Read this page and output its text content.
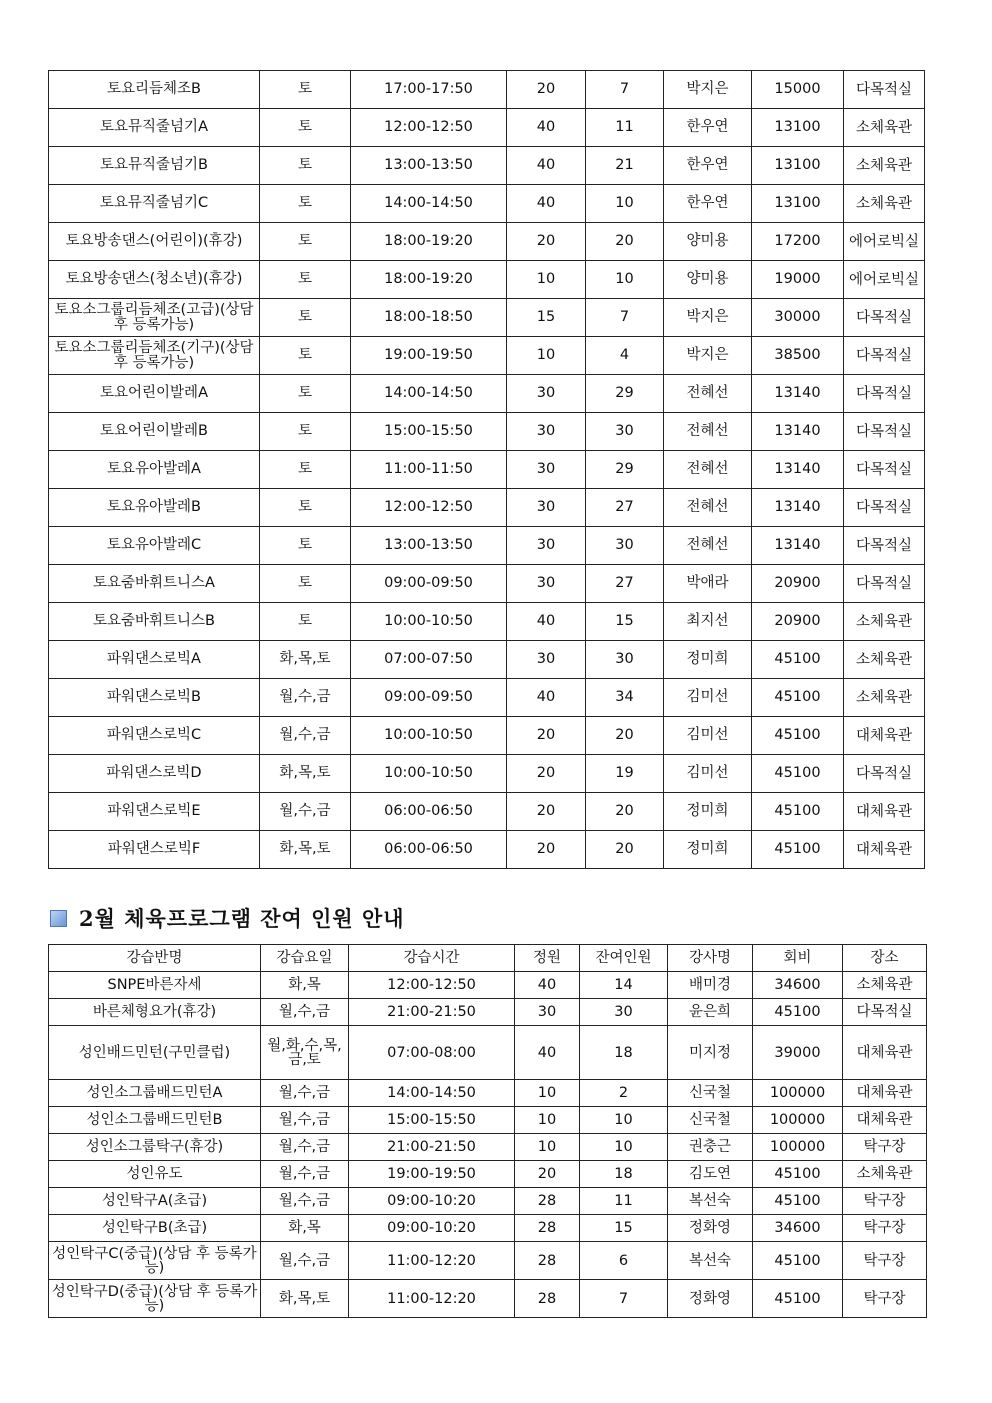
토요리듬체조B	토	17:00-17:50	20	7	박지은	15000	다목적실
토요뮤직줄넘기A	토	12:00-12:50	40	11	한우연	13100	소체육관
토요뮤직줄넘기B	토	13:00-13:50	40	21	한우연	13100	소체육관
토요뮤직줄넘기C	토	14:00-14:50	40	10	한우연	13100	소체육관
토요방송댄스(어린이)(휴강)	토	18:00-19:20	20	20	양미용	17200	에어로빅실
토요방송댄스(청소년)(휴강)	토	18:00-19:20	10	10	양미용	19000	에어로빅실
토요소그룹리듬체조(고급)(상담 후 등록가능)	토	18:00-18:50	15	7	박지은	30000	다목적실
토요소그룹리듬체조(기구)(상담 후 등록가능)	토	19:00-19:50	10	4	박지은	38500	다목적실
토요어린이발레A	토	14:00-14:50	30	29	전혜선	13140	다목적실
토요어린이발레B	토	15:00-15:50	30	30	전혜선	13140	다목적실
토요유아발레A	토	11:00-11:50	30	29	전혜선	13140	다목적실
토요유아발레B	토	12:00-12:50	30	27	전혜선	13140	다목적실
토요유아발레C	토	13:00-13:50	30	30	전혜선	13140	다목적실
토요줌바휘트니스A	토	09:00-09:50	30	27	박애라	20900	다목적실
토요줌바휘트니스B	토	10:00-10:50	40	15	최지선	20900	소체육관
파워댄스로빅A	화,목,토	07:00-07:50	30	30	정미희	45100	소체육관
파워댄스로빅B	월,수,금	09:00-09:50	40	34	김미선	45100	소체육관
파워댄스로빅C	월,수,금	10:00-10:50	20	20	김미선	45100	대체육관
파워댄스로빅D	화,목,토	10:00-10:50	20	19	김미선	45100	다목적실
파워댄스로빅E	월,수,금	06:00-06:50	20	20	정미희	45100	대체육관
파워댄스로빅F	화,목,토	06:00-06:50	20	20	정미희	45100	대체육관
2월 체육프로그램 잔여 인원 안내
강습반명	강습요일	강습시간	정원	잔여인원	강사명	회비	장소
SNPE바른자세	화,목	12:00-12:50	40	14	배미경	34600	소체육관
바른체형요가(휴강)	월,수,금	21:00-21:50	30	30	윤은희	45100	다목적실
성인배드민턴(구민클럽)	월,화,수,목,금,토	07:00-08:00	40	18	미지정	39000	대체육관
성인소그룹배드민턴A	월,수,금	14:00-14:50	10	2	신국철	100000	대체육관
성인소그룹배드민턴B	월,수,금	15:00-15:50	10	10	신국철	100000	대체육관
성인소그룹탁구(휴강)	월,수,금	21:00-21:50	10	10	권충근	100000	탁구장
성인유도	월,수,금	19:00-19:50	20	18	김도연	45100	소체육관
성인탁구A(초급)	월,수,금	09:00-10:20	28	11	복선숙	45100	탁구장
성인탁구B(초급)	화,목	09:00-10:20	28	15	정화영	34600	탁구장
성인탁구C(중급)(상담 후 등록가능)	월,수,금	11:00-12:20	28	6	복선숙	45100	탁구장
성인탁구D(중급)(상담 후 등록가능)	화,목,토	11:00-12:20	28	7	정화영	45100	탁구장
